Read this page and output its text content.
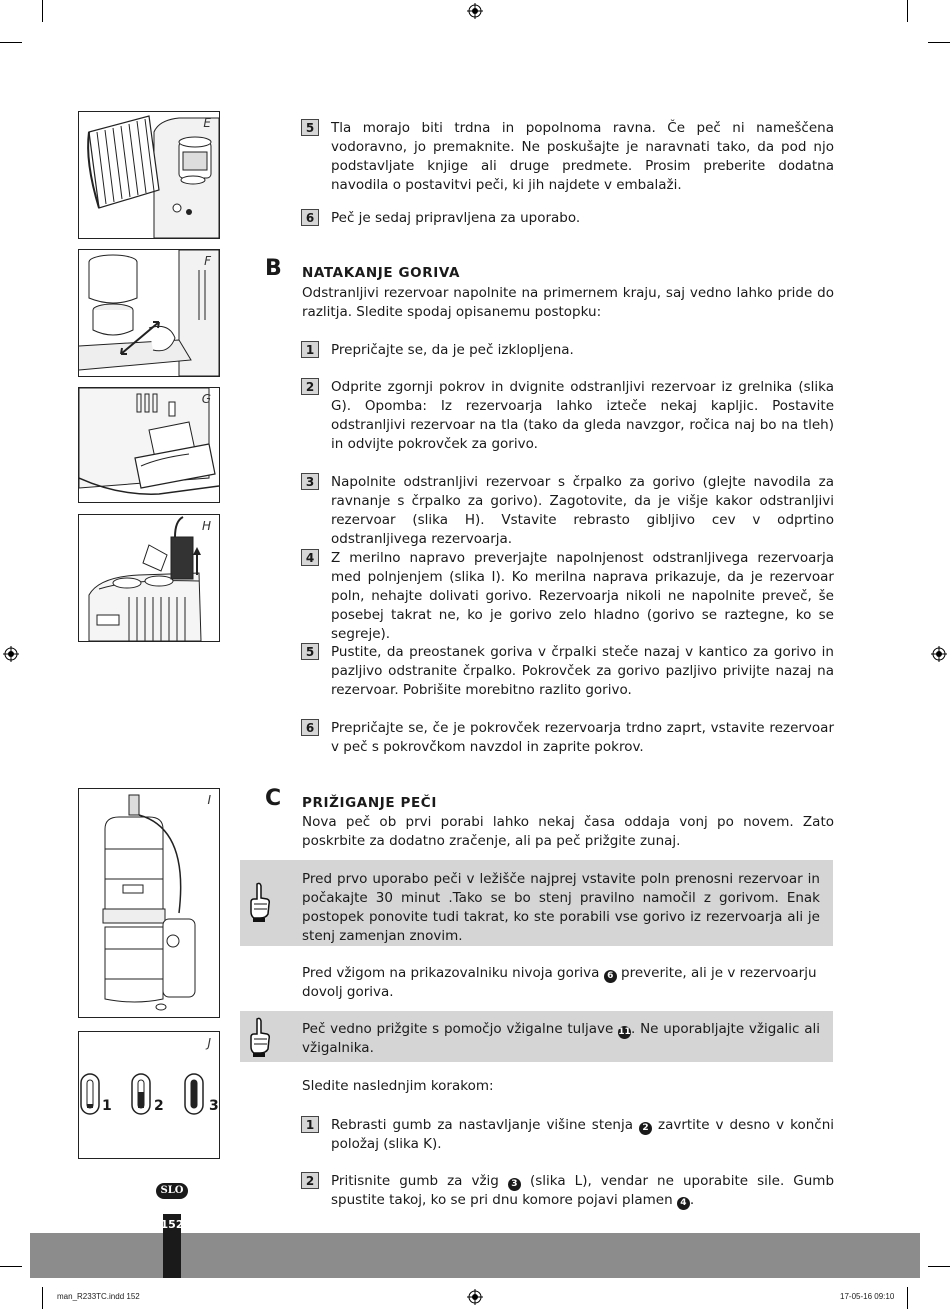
E
F
G
H
I
J
1	2	3
5	Tla morajo biti trdna in popolnoma ravna. Če peč ni nameščena vodoravno, jo premaknite. Ne poskušajte je naravnati tako, da pod njo podstavljate knjige ali druge predmete. Prosim preberite dodatna navodila o postavitvi peči, ki jih najdete v embalaži.
6	Peč je sedaj pripravljena za uporabo.
B NATAKANJE GORIVA
Odstranljivi rezervoar napolnite na primernem kraju, saj vedno lahko pride do razlitja. Sledite spodaj opisanemu postopku:
1	Prepričajte se, da je peč izklopljena.
2	Odprite zgornji pokrov in dvignite odstranljivi rezervoar iz grelnika (slika G). Opomba: Iz rezervoarja lahko izteče nekaj kapljic. Postavite odstranljivi rezervoar na tla (tako da gleda navzgor, ročica naj bo na tleh) in odvijte pokrovček za gorivo.
3	Napolnite odstranljivi rezervoar s črpalko za gorivo (glejte navodila za ravnanje s črpalko za gorivo). Zagotovite, da je višje kakor odstranljivi rezervoar (slika H). Vstavite rebrasto gibljivo cev v odprtino odstranljivega rezervoarja.
4	Z merilno napravo preverjajte napolnjenost odstranljivega rezervoarja med polnjenjem (slika I). Ko merilna naprava prikazuje, da je rezervoar poln, nehajte dolivati gorivo. Rezervoarja nikoli ne napolnite preveč, še posebej takrat ne, ko je gorivo zelo hladno (gorivo se raztegne, ko se segreje).
5	Pustite, da preostanek goriva v črpalki steče nazaj v kantico za gorivo in pazljivo odstranite črpalko. Pokrovček za gorivo pazljivo privijte nazaj na rezervoar. Pobrišite morebitno razlito gorivo.
6	Prepričajte se, če je pokrovček rezervoarja trdno zaprt, vstavite rezervoar v peč s pokrovčkom navzdol in zaprite pokrov.
C PRIŽIGANJE PEČI
Nova peč ob prvi porabi lahko nekaj časa oddaja vonj po novem. Zato poskrbite za dodatno zračenje, ali pa peč prižgite zunaj.
Pred prvo uporabo peči v ležišče najprej vstavite poln prenosni rezervoar in počakajte 30 minut .Tako se bo stenj pravilno namočil z gorivom. Enak postopek ponovite tudi takrat, ko ste porabili vse gorivo iz rezervoarja ali je stenj zamenjan znovim.
Pred vžigom na prikazovalniku nivoja goriva 6 preverite, ali je v rezervoarju dovolj goriva.
Peč vedno prižgite s pomočjo vžigalne tuljave 11. Ne uporabljajte vžigalic ali vžigalnika.
Sledite naslednjim korakom:
1	Rebrasti gumb za nastavljanje višine stenja 2 zavrtite v desno v končni položaj (slika K).
2	Pritisnite gumb za vžig 3 (slika L), vendar ne uporabite sile. Gumb spustite takoj, ko se pri dnu komore pojavi plamen 4 .
SLO
152
man_R233TC.indd 152	17-05-16 09:10
